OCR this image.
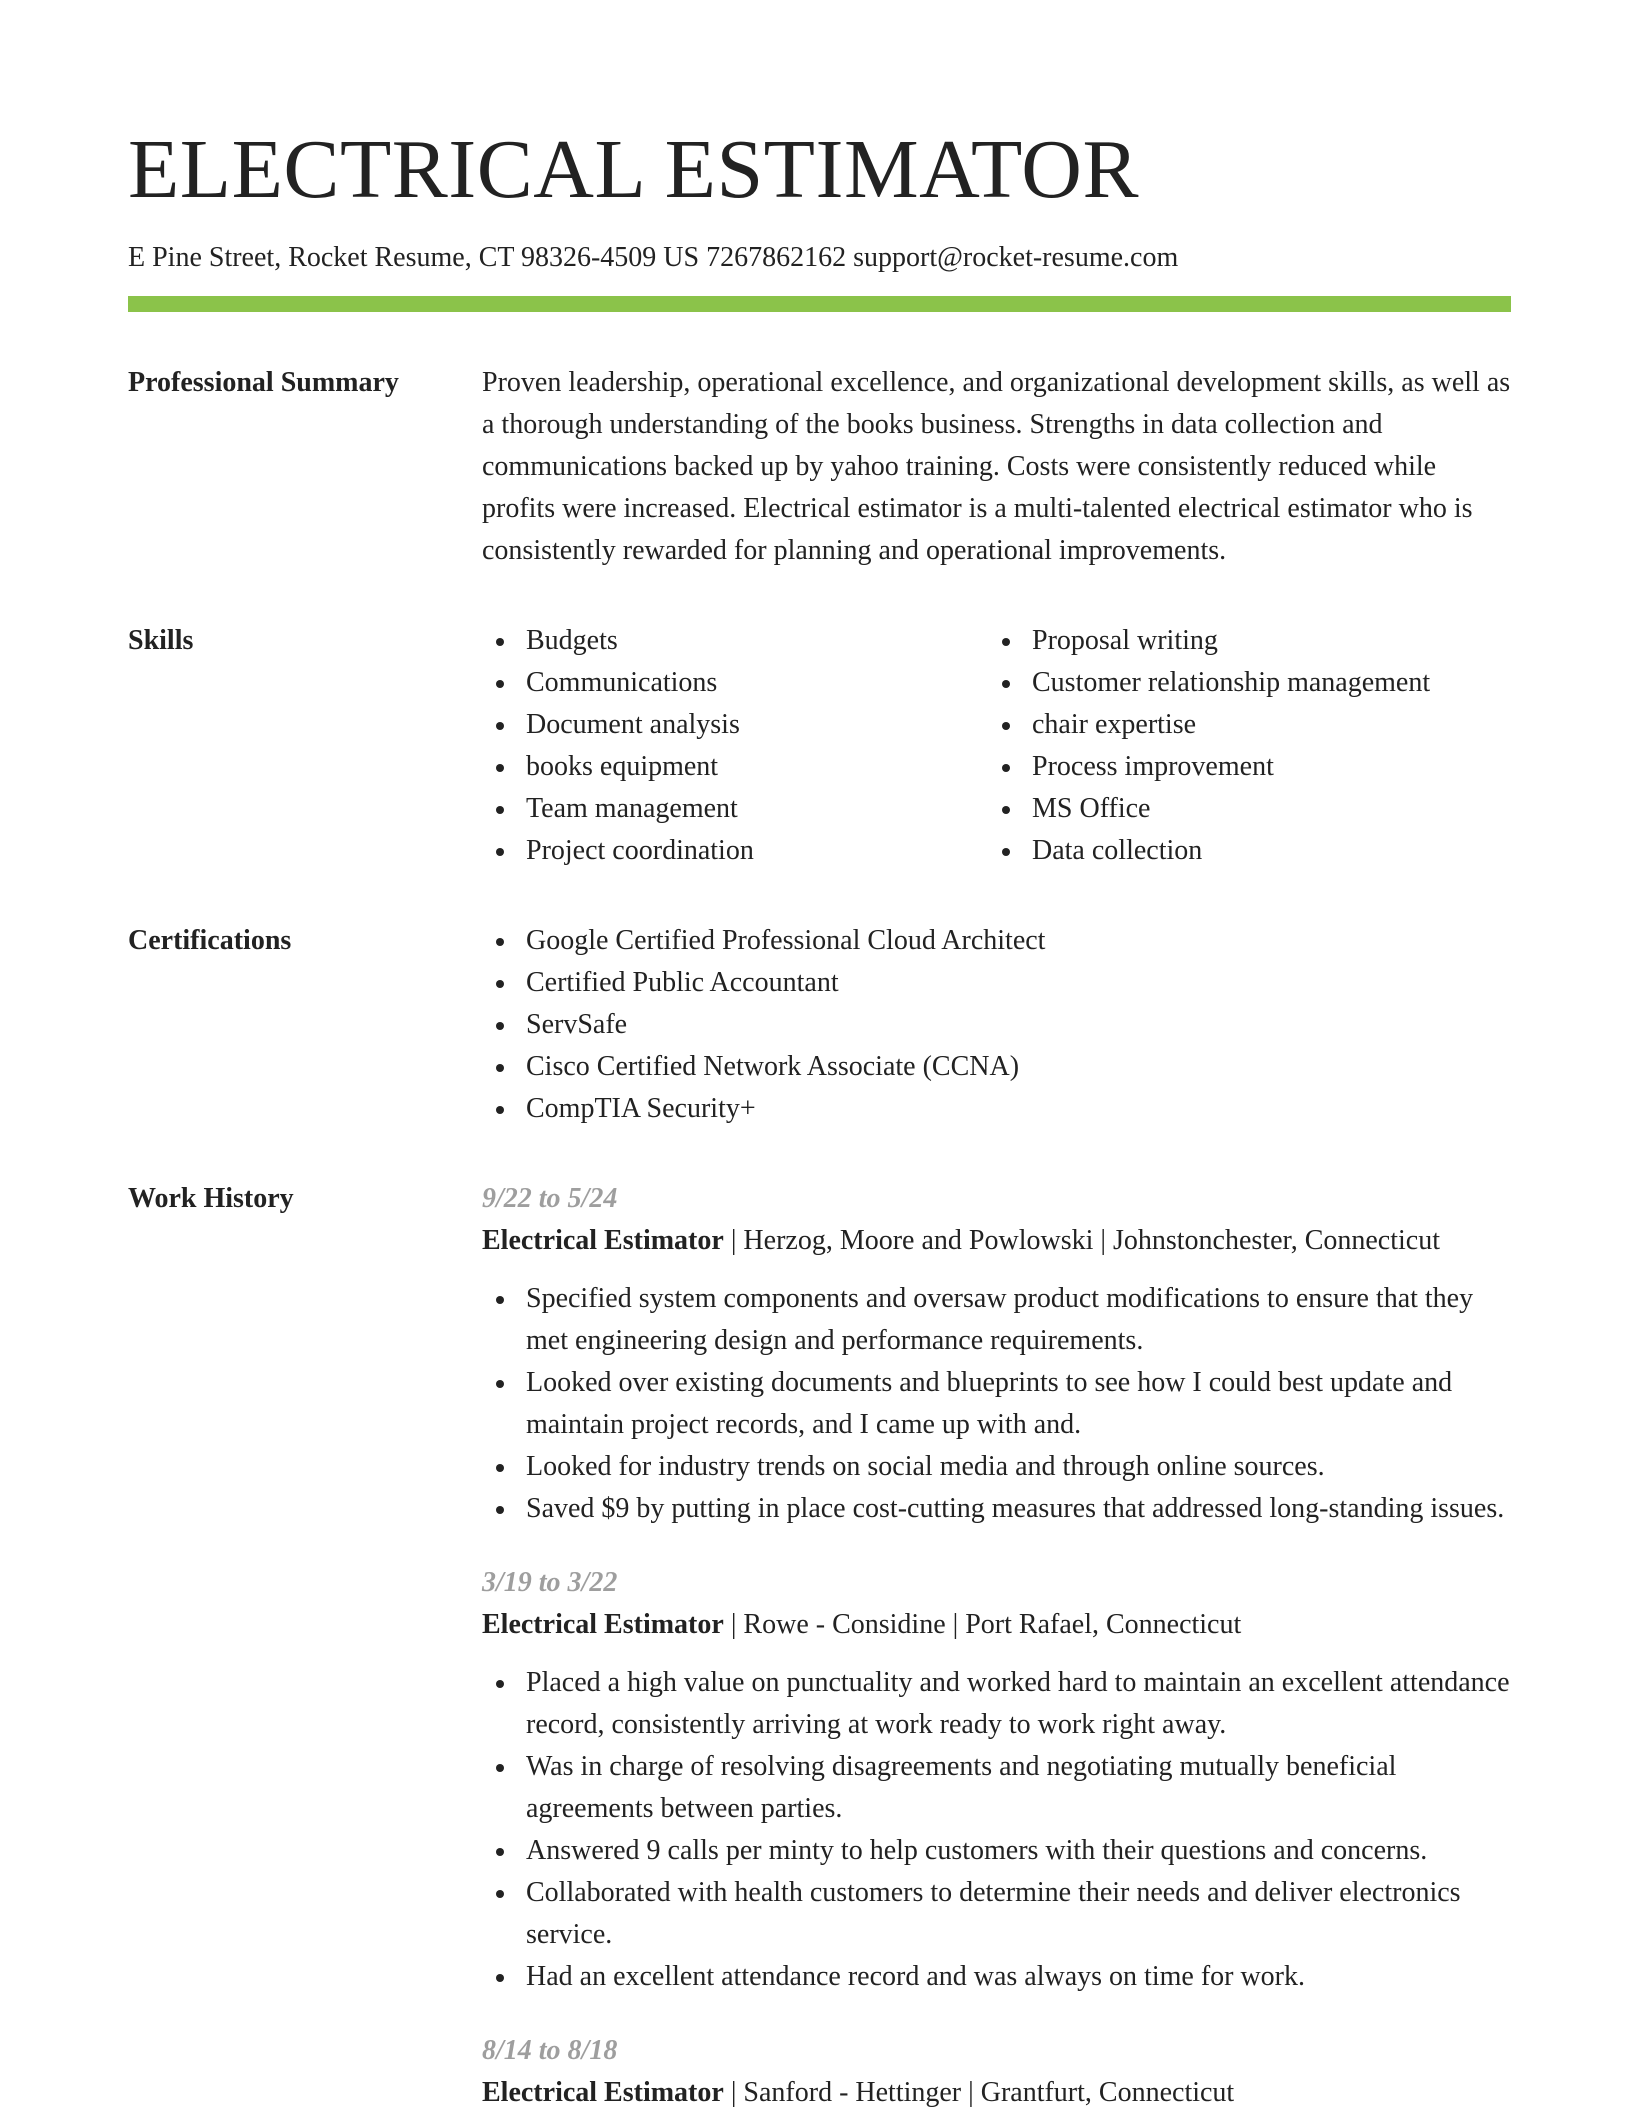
ELECTRICAL ESTIMATOR
E Pine Street, Rocket Resume, CT 98326-4509 US 7267862162 support@rocket-resume.com
Professional Summary	Proven leadership, operational excellence, and organizational development skills, as well as a thorough understanding of the books business. Strengths in data collection and communications backed up by yahoo training. Costs were consistently reduced while profits were increased. Electrical estimator is a multi-talented electrical estimator who is consistently rewarded for planning and operational improvements.

Skills	Budgets
Communications
Document analysis
books equipment
Team management
Project coordination
Proposal writing
Customer relationship management
chair expertise
Process improvement
MS Office
Data collection
Certifications	Google Certified Professional Cloud Architect
Certified Public Accountant
ServSafe
Cisco Certified Network Associate (CCNA)
CompTIA Security+
Work History	9/22 to 5/24
Electrical Estimator | Herzog, Moore and Powlowski | Johnstonchester, Connecticut
Specified system components and oversaw product modifications to ensure that they met engineering design and performance requirements.
Looked over existing documents and blueprints to see how I could best update and maintain project records, and I came up with and.
Looked for industry trends on social media and through online sources.
Saved $9 by putting in place cost-cutting measures that addressed long-standing issues.
3/19 to 3/22
Electrical Estimator | Rowe - Considine | Port Rafael, Connecticut
Placed a high value on punctuality and worked hard to maintain an excellent attendance record, consistently arriving at work ready to work right away.
Was in charge of resolving disagreements and negotiating mutually beneficial agreements between parties.
Answered 9 calls per minty to help customers with their questions and concerns.
Collaborated with health customers to determine their needs and deliver electronics service.
Had an excellent attendance record and was always on time for work.
8/14 to 8/18
Electrical Estimator | Sanford - Hettinger | Grantfurt, Connecticut
